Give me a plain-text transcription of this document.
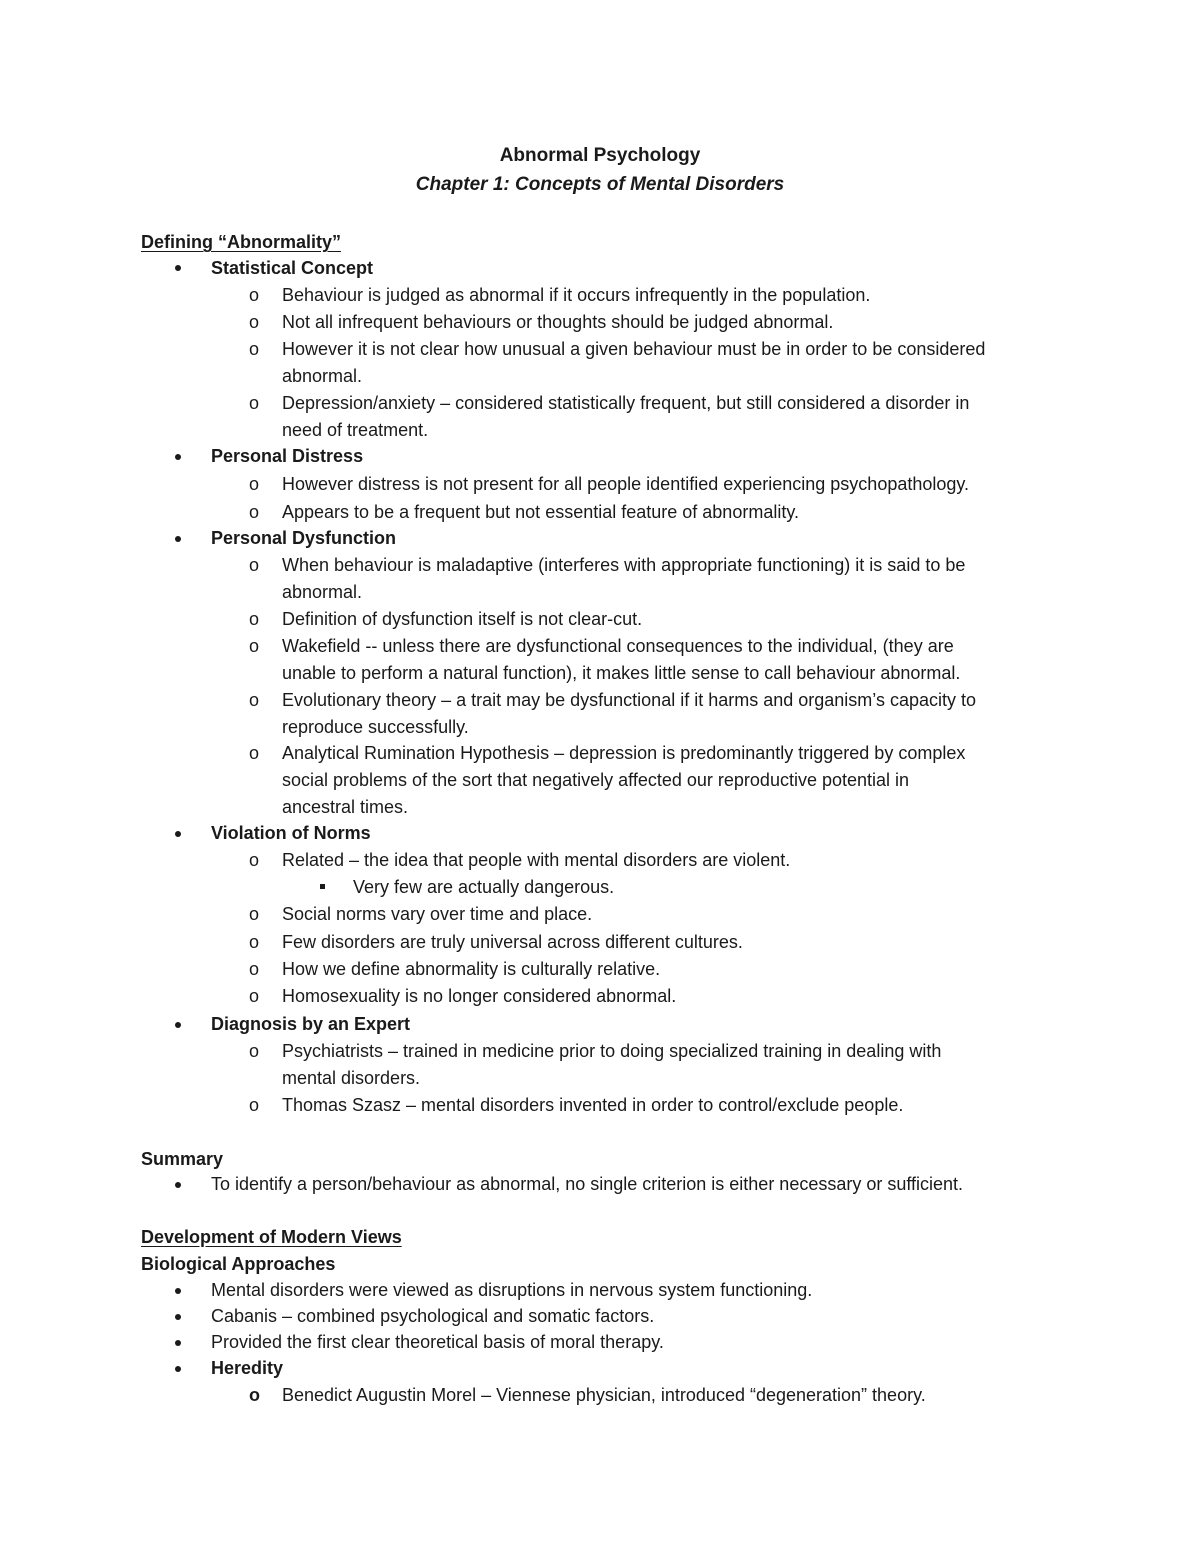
Abnormal Psychology
Chapter 1: Concepts of Mental Disorders
Defining “Abnormality”
Statistical Concept
o Behaviour is judged as abnormal if it occurs infrequently in the population.
o Not all infrequent behaviours or thoughts should be judged abnormal.
o However it is not clear how unusual a given behaviour must be in order to be considered
abnormal.
o Depression/anxiety – considered statistically frequent, but still considered a disorder in
need of treatment.
Personal Distress
o However distress is not present for all people identified experiencing psychopathology.
o Appears to be a frequent but not essential feature of abnormality.
Personal Dysfunction
o When behaviour is maladaptive (interferes with appropriate functioning) it is said to be
abnormal.
o Definition of dysfunction itself is not clear-cut.
o Wakefield -- unless there are dysfunctional consequences to the individual, (they are
unable to perform a natural function), it makes little sense to call behaviour abnormal.
o Evolutionary theory – a trait may be dysfunctional if it harms and organism’s capacity to
reproduce successfully.
o Analytical Rumination Hypothesis – depression is predominantly triggered by complex
social problems of the sort that negatively affected our reproductive potential in
ancestral times.
Violation of Norms
o Related – the idea that people with mental disorders are violent.
Very few are actually dangerous.
o Social norms vary over time and place.
o Few disorders are truly universal across different cultures.
o How we define abnormality is culturally relative.
o Homosexuality is no longer considered abnormal.
Diagnosis by an Expert
o Psychiatrists – trained in medicine prior to doing specialized training in dealing with
mental disorders.
o Thomas Szasz – mental disorders invented in order to control/exclude people.
Summary
To identify a person/behaviour as abnormal, no single criterion is either necessary or sufficient.
Development of Modern Views
Biological Approaches
Mental disorders were viewed as disruptions in nervous system functioning.
Cabanis – combined psychological and somatic factors.
Provided the first clear theoretical basis of moral therapy.
Heredity
o Benedict Augustin Morel – Viennese physician, introduced “degeneration” theory.
